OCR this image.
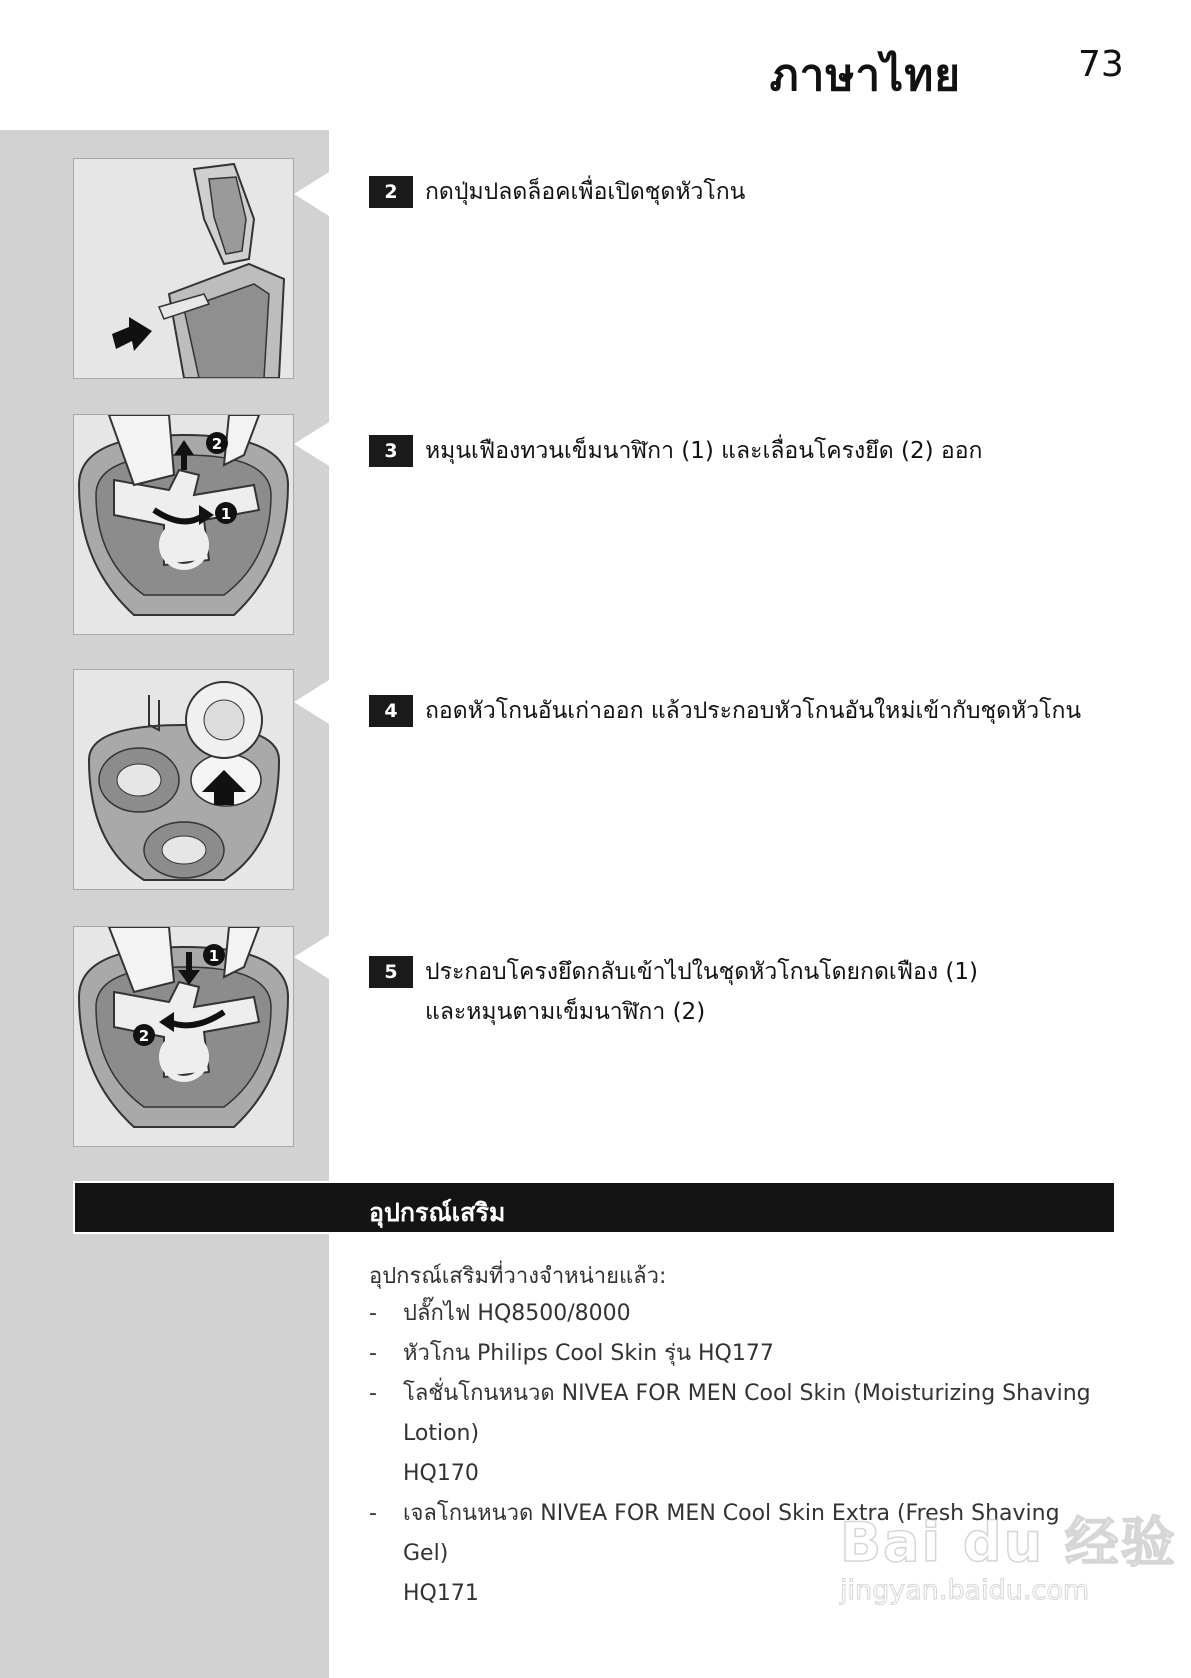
ภาษาไทย	73
2
1
1
2
2	กดปุ่มปลดล็อคเพื่อเปิดชุดหัวโกน
3	หมุนเฟืองทวนเข็มนาฬิกา (1) และเลื่อนโครงยึด (2) ออก
4	ถอดหัวโกนอันเก่าออก แล้วประกอบหัวโกนอันใหม่เข้ากับชุดหัวโกน
5	ประกอบโครงยึดกลับเข้าไปในชุดหัวโกนโดยกดเฟือง (1)
และหมุนตามเข็มนาฬิกา (2)
อุปกรณ์เสริม
อุปกรณ์เสริมที่วางจำหน่ายแล้ว:
- ปลั๊กไฟ HQ8500/8000
- หัวโกน Philips Cool Skin รุ่น HQ177
- โลชั่นโกนหนวด NIVEA FOR MEN Cool Skin (Moisturizing Shaving Lotion)
HQ170
- เจลโกนหนวด NIVEA FOR MEN Cool Skin Extra (Fresh Shaving Gel)
HQ171
Bai du 经验
jingyan.baidu.com
